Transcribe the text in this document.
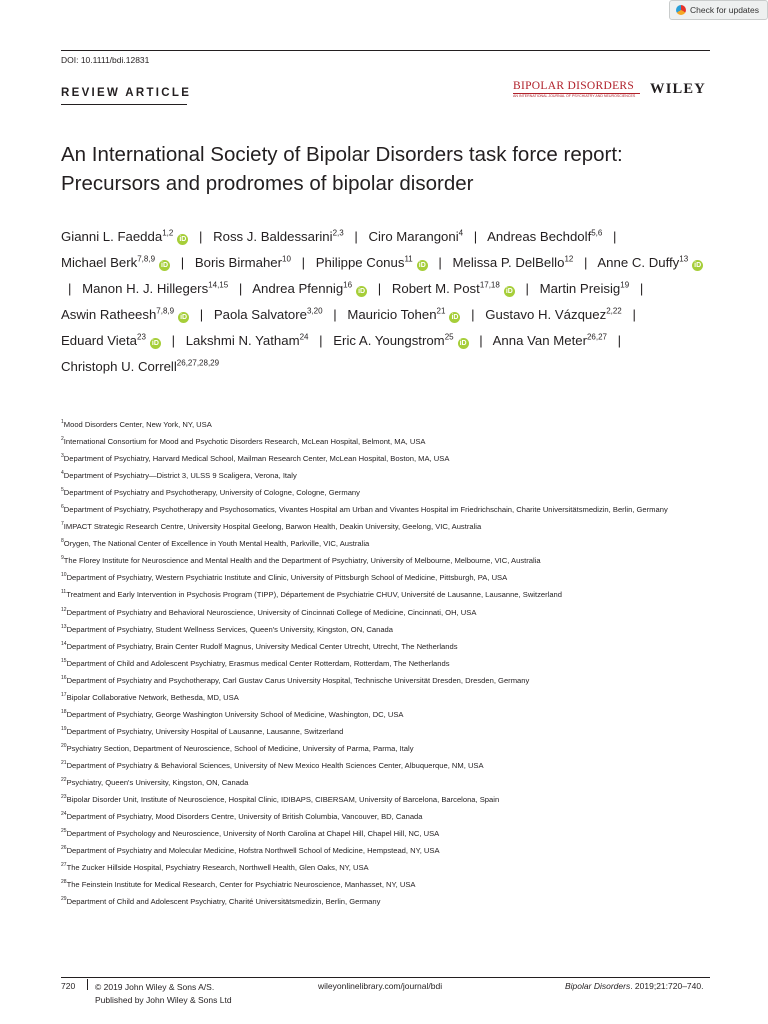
Check for updates
DOI: 10.1111/bdi.12831
REVIEW ARTICLE
BIPOLAR DISORDERS
AN INTERNATIONAL JOURNAL OF PSYCHIATRY AND NEUROSCIENCES	WILEY
An International Society of Bipolar Disorders task force report: Precursors and prodromes of bipolar disorder
Gianni L. Faedda$^{1,2}$iD | Ross J. Baldessarini$^{2,3}$ | Ciro Marangoni$^4$ | Andreas Bechdolf$^{5,6}$ | Michael Berk$^{7,8,9}$iD | Boris Birmaher$^{10}$ | Philippe Conus$^{11}$iD | Melissa P. DelBello$^{12}$ | Anne C. Duffy$^{13}$iD | Manon H. J. Hillegers$^{14,15}$ | Andrea Pfennig$^{16}$iD | Robert M. Post$^{17,18}$iD | Martin Preisig$^{19}$ | Aswin Ratheesh$^{7,8,9}$iD | Paola Salvatore$^{3,20}$ | Mauricio Tohen$^{21}$iD | Gustavo H. Vázquez$^{2,22}$ | Eduard Vieta$^{23}$iD | Lakshmi N. Yatham$^{24}$ | Eric A. Youngstrom$^{25}$iD | Anna Van Meter$^{26,27}$ | Christoph U. Correll$^{26,27,28,29}$
$^1$Mood Disorders Center, New York, NY, USA
$^2$International Consortium for Mood and Psychotic Disorders Research, McLean Hospital, Belmont, MA, USA
$^3$Department of Psychiatry, Harvard Medical School, Mailman Research Center, McLean Hospital, Boston, MA, USA
$^4$Department of Psychiatry—District 3, ULSS 9 Scaligera, Verona, Italy
$^5$Department of Psychiatry and Psychotherapy, University of Cologne, Cologne, Germany
$^6$Department of Psychiatry, Psychotherapy and Psychosomatics, Vivantes Hospital am Urban and Vivantes Hospital im Friedrichschain, Charite Universitätsmedizin, Berlin, Germany
$^7$IMPACT Strategic Research Centre, University Hospital Geelong, Barwon Health, Deakin University, Geelong, VIC, Australia
$^8$Orygen, The National Center of Excellence in Youth Mental Health, Parkville, VIC, Australia
$^9$The Florey Institute for Neuroscience and Mental Health and the Department of Psychiatry, University of Melbourne, Melbourne, VIC, Australia
$^{10}$Department of Psychiatry, Western Psychiatric Institute and Clinic, University of Pittsburgh School of Medicine, Pittsburgh, PA, USA
$^{11}$Treatment and Early Intervention in Psychosis Program (TIPP), Département de Psychiatrie CHUV, Université de Lausanne, Lausanne, Switzerland
$^{12}$Department of Psychiatry and Behavioral Neuroscience, University of Cincinnati College of Medicine, Cincinnati, OH, USA
$^{13}$Department of Psychiatry, Student Wellness Services, Queen's University, Kingston, ON, Canada
$^{14}$Department of Psychiatry, Brain Center Rudolf Magnus, University Medical Center Utrecht, Utrecht, The Netherlands
$^{15}$Department of Child and Adolescent Psychiatry, Erasmus medical Center Rotterdam, Rotterdam, The Netherlands
$^{16}$Department of Psychiatry and Psychotherapy, Carl Gustav Carus University Hospital, Technische Universität Dresden, Dresden, Germany
$^{17}$Bipolar Collaborative Network, Bethesda, MD, USA
$^{18}$Department of Psychiatry, George Washington University School of Medicine, Washington, DC, USA
$^{19}$Department of Psychiatry, University Hospital of Lausanne, Lausanne, Switzerland
$^{20}$Psychiatry Section, Department of Neuroscience, School of Medicine, University of Parma, Parma, Italy
$^{21}$Department of Psychiatry & Behavioral Sciences, University of New Mexico Health Sciences Center, Albuquerque, NM, USA
$^{22}$Psychiatry, Queen's University, Kingston, ON, Canada
$^{23}$Bipolar Disorder Unit, Institute of Neuroscience, Hospital Clinic, IDIBAPS, CIBERSAM, University of Barcelona, Barcelona, Spain
$^{24}$Department of Psychiatry, Mood Disorders Centre, University of British Columbia, Vancouver, BD, Canada
$^{25}$Department of Psychology and Neuroscience, University of North Carolina at Chapel Hill, Chapel Hill, NC, USA
$^{26}$Department of Psychiatry and Molecular Medicine, Hofstra Northwell School of Medicine, Hempstead, NY, USA
$^{27}$The Zucker Hillside Hospital, Psychiatry Research, Northwell Health, Glen Oaks, NY, USA
$^{28}$The Feinstein Institute for Medical Research, Center for Psychiatric Neuroscience, Manhasset, NY, USA
$^{29}$Department of Child and Adolescent Psychiatry, Charité Universitätsmedizin, Berlin, Germany
720 © 2019 John Wiley & Sons A/S.
Published by John Wiley & Sons Ltd
wileyonlinelibrary.com/journal/bdi	Bipolar Disorders. 2019;21:720–740.
